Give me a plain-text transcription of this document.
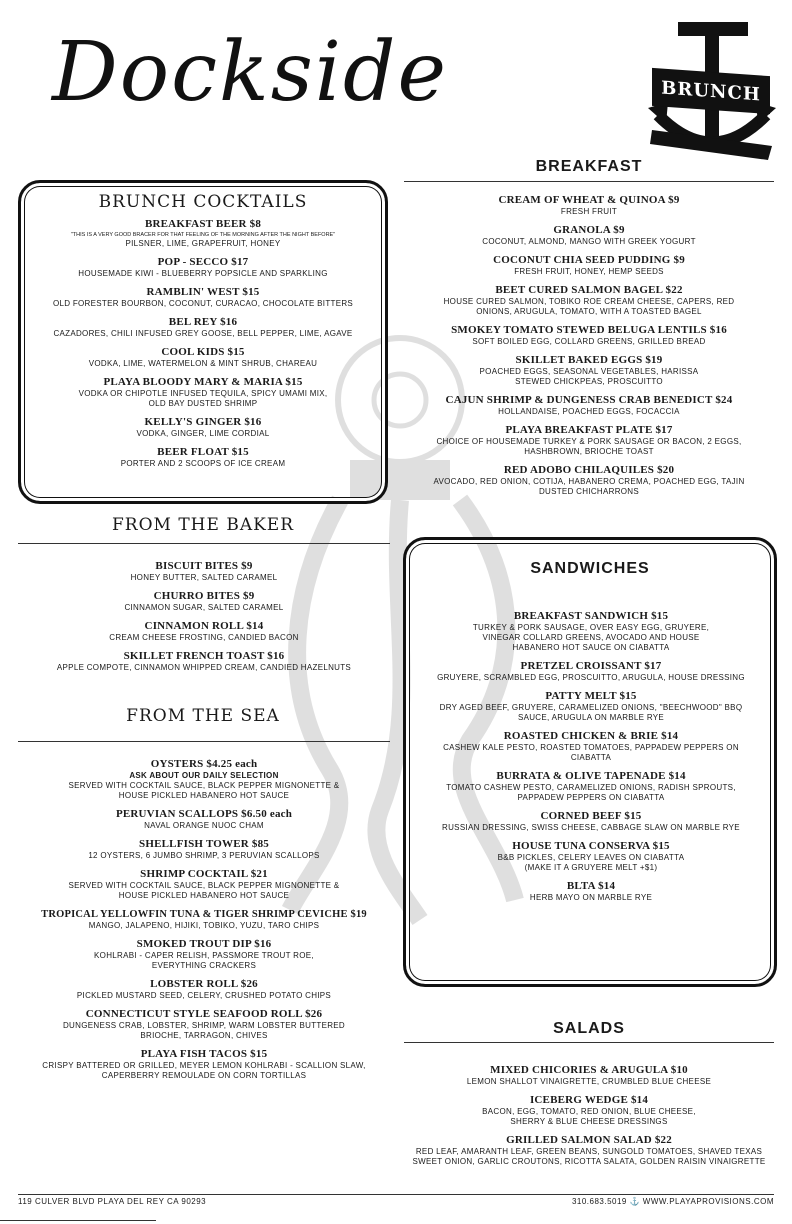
Dockside	BRUNCH
BREAKFAST
CREAM OF WHEAT & QUINOA $9
FRESH FRUIT
GRANOLA $9
COCONUT, ALMOND, MANGO WITH GREEK YOGURT
COCONUT CHIA SEED PUDDING $9
FRESH FRUIT, HONEY, HEMP SEEDS
BEET CURED SALMON BAGEL $22
HOUSE CURED SALMON, TOBIKO ROE CREAM CHEESE, CAPERS, RED ONIONS, ARUGULA, TOMATO, WITH A TOASTED BAGEL
SMOKEY TOMATO STEWED BELUGA LENTILS $16
SOFT BOILED EGG, COLLARD GREENS, GRILLED BREAD
SKILLET BAKED EGGS $19
POACHED EGGS, SEASONAL VEGETABLES, HARISSA STEWED CHICKPEAS, PROSCUITTO
CAJUN SHRIMP & DUNGENESS CRAB BENEDICT $24
HOLLANDAISE, POACHED EGGS, FOCACCIA
PLAYA BREAKFAST PLATE $17
CHOICE OF HOUSEMADE TURKEY & PORK SAUSAGE OR BACON, 2 EGGS, HASHBROWN, BRIOCHE TOAST
RED ADOBO CHILAQUILES $20
AVOCADO, RED ONION, COTIJA, HABANERO CREMA, POACHED EGG, TAJIN DUSTED CHICHARRONS
BRUNCH COCKTAILS
BREAKFAST BEER $8
"THIS IS A VERY GOOD BRACER FOR THAT FEELING OF THE MORNING AFTER THE NIGHT BEFORE"
PILSNER, LIME, GRAPEFRUIT, HONEY
POP - SECCO $17
HOUSEMADE KIWI - BLUEBERRY POPSICLE AND SPARKLING
RAMBLIN' WEST $15
OLD FORESTER BOURBON, COCONUT, CURACAO, CHOCOLATE BITTERS
BEL REY $16
CAZADORES, CHILI INFUSED GREY GOOSE, BELL PEPPER, LIME, AGAVE
COOL KIDS $15
VODKA, LIME, WATERMELON & MINT SHRUB, CHAREAU
PLAYA BLOODY MARY & MARIA $15
VODKA OR CHIPOTLE INFUSED TEQUILA, SPICY UMAMI MIX, OLD BAY DUSTED SHRIMP
KELLY'S GINGER $16
VODKA, GINGER, LIME CORDIAL
BEER FLOAT $15
PORTER AND 2 SCOOPS OF ICE CREAM
FROM THE BAKER
BISCUIT BITES $9
HONEY BUTTER, SALTED CARAMEL
CHURRO BITES $9
CINNAMON SUGAR, SALTED CARAMEL
CINNAMON ROLL $14
CREAM CHEESE FROSTING, CANDIED BACON
SKILLET FRENCH TOAST $16
APPLE COMPOTE, CINNAMON WHIPPED CREAM, CANDIED HAZELNUTS
FROM THE SEA
OYSTERS $4.25 each
ASK ABOUT OUR DAILY SELECTION
SERVED WITH COCKTAIL SAUCE, BLACK PEPPER MIGNONETTE & HOUSE PICKLED HABANERO HOT SAUCE
PERUVIAN SCALLOPS $6.50 each
NAVAL ORANGE NUOC CHAM
SHELLFISH TOWER $85
12 OYSTERS, 6 JUMBO SHRIMP, 3 PERUVIAN SCALLOPS
SHRIMP COCKTAIL $21
SERVED WITH COCKTAIL SAUCE, BLACK PEPPER MIGNONETTE & HOUSE PICKLED HABANERO HOT SAUCE
TROPICAL YELLOWFIN TUNA & TIGER SHRIMP CEVICHE $19
MANGO, JALAPENO, HIJIKI, TOBIKO, YUZU, TARO CHIPS
SMOKED TROUT DIP $16
KOHLRABI - CAPER RELISH, PASSMORE TROUT ROE, EVERYTHING CRACKERS
LOBSTER ROLL $26
PICKLED MUSTARD SEED, CELERY, CRUSHED POTATO CHIPS
CONNECTICUT STYLE SEAFOOD ROLL $26
DUNGENESS CRAB, LOBSTER, SHRIMP, WARM LOBSTER BUTTERED BRIOCHE, TARRAGON, CHIVES
PLAYA FISH TACOS $15
CRISPY BATTERED OR GRILLED, MEYER LEMON KOHLRABI - SCALLION SLAW, CAPERBERRY REMOULADE ON CORN TORTILLAS
SANDWICHES
BREAKFAST SANDWICH $15
TURKEY & PORK SAUSAGE, OVER EASY EGG, GRUYERE, VINEGAR COLLARD GREENS, AVOCADO AND HOUSE HABANERO HOT SAUCE ON CIABATTA
PRETZEL CROISSANT $17
GRUYERE, SCRAMBLED EGG, PROSCUITTO, ARUGULA, HOUSE DRESSING
PATTY MELT $15
DRY AGED BEEF, GRUYERE, CARAMELIZED ONIONS, "BEECHWOOD" BBQ SAUCE, ARUGULA ON MARBLE RYE
ROASTED CHICKEN & BRIE $14
CASHEW KALE PESTO, ROASTED TOMATOES, PAPPADEW PEPPERS ON CIABATTA
BURRATA & OLIVE TAPENADE $14
TOMATO CASHEW PESTO, CARAMELIZED ONIONS, RADISH SPROUTS, PAPPADEW PEPPERS ON CIABATTA
CORNED BEEF $15
RUSSIAN DRESSING, SWISS CHEESE, CABBAGE SLAW ON MARBLE RYE
HOUSE TUNA CONSERVA $15
B&B PICKLES, CELERY LEAVES ON CIABATTA (MAKE IT A GRUYERE MELT +$1)
BLTA $14
HERB MAYO ON MARBLE RYE
SALADS
MIXED CHICORIES & ARUGULA $10
LEMON SHALLOT VINAIGRETTE, CRUMBLED BLUE CHEESE
ICEBERG WEDGE $14
BACON, EGG, TOMATO, RED ONION, BLUE CHEESE, SHERRY & BLUE CHEESE DRESSINGS
GRILLED SALMON SALAD $22
RED LEAF, AMARANTH LEAF, GREEN BEANS, SUNGOLD TOMATOES, SHAVED TEXAS SWEET ONION, GARLIC CROUTONS, RICOTTA SALATA, GOLDEN RAISIN VINAIGRETTE
119 CULVER BLVD PLAYA DEL REY CA 90293	310.683.5019 ⚓ WWW.PLAYAPROVISIONS.COM
